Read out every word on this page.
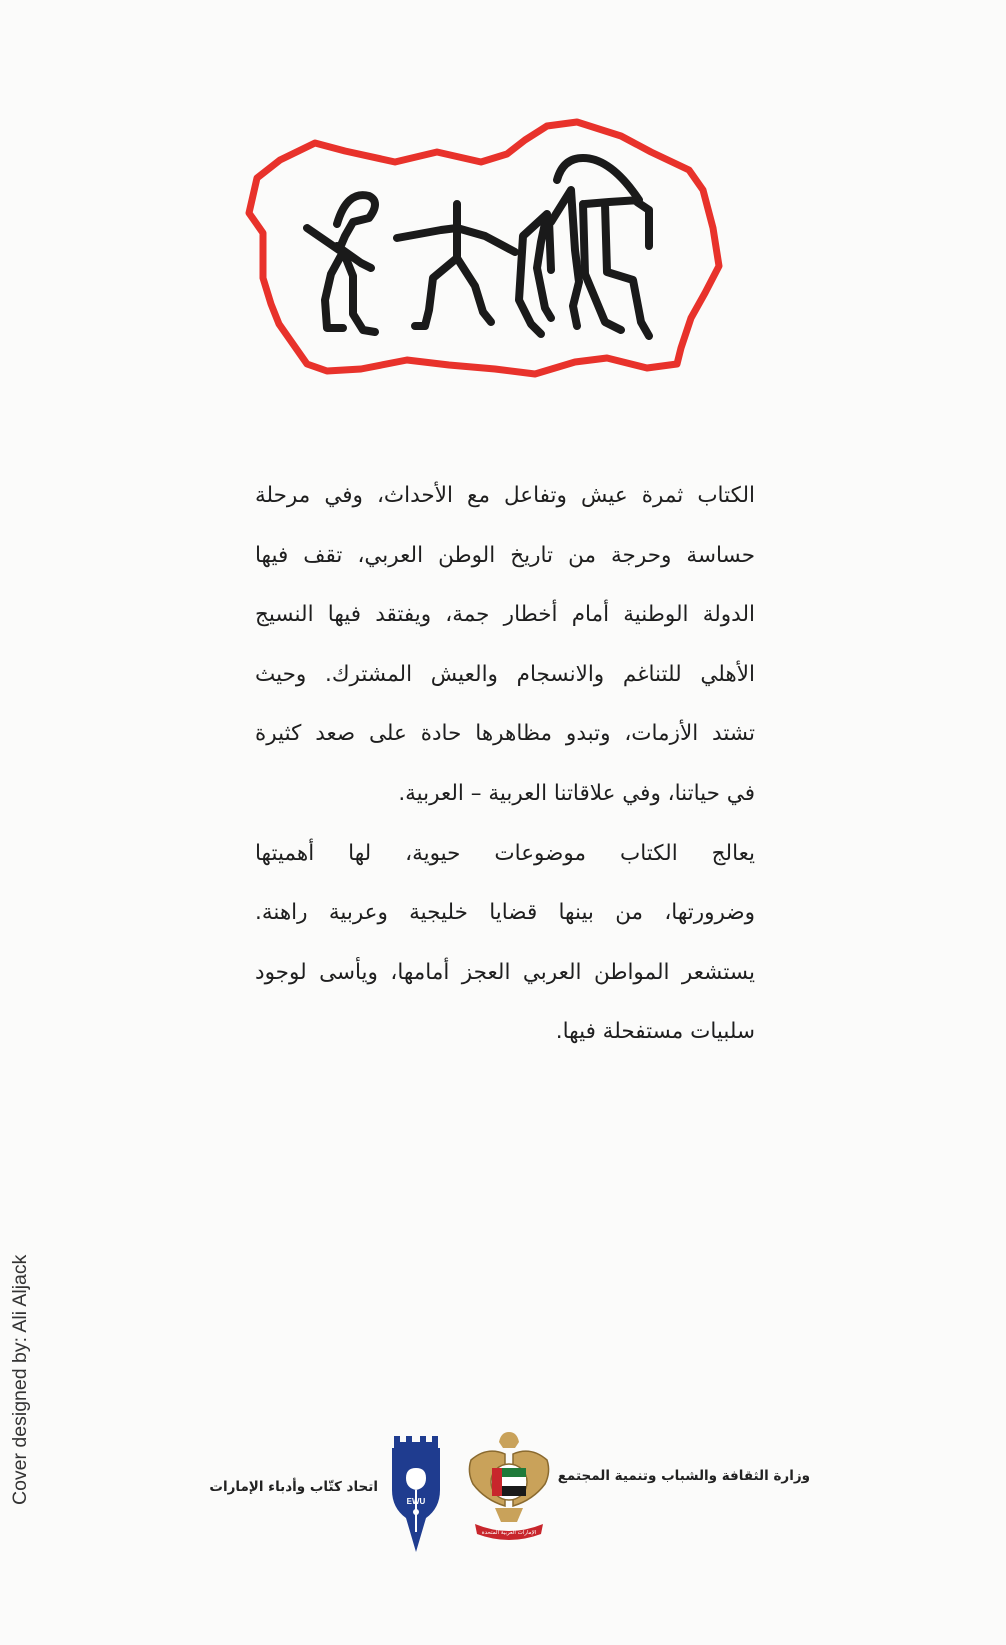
الكتاب ثمرة عيش وتفاعل مع الأحداث، وفي مرحلة
حساسة وحرجة من تاريخ الوطن العربي، تقف فيها
الدولة الوطنية أمام أخطار جمة، ويفتقد فيها النسيج
الأهلي للتناغم والانسجام والعيش المشترك. وحيث
تشتد الأزمات، وتبدو مظاهرها حادة على صعد كثيرة
في حياتنا، وفي علاقاتنا العربية – العربية.
يعالج الكتاب موضوعات حيوية، لها أهميتها
وضرورتها، من بينها قضايا خليجية وعربية راهنة.
يستشعر المواطن العربي العجز أمامها، ويأسى لوجود
سلبيات مستفحلة فيها.
Cover designed by: Ali Aljack	وزارة الثقافة والشباب وتنمية المجتمع
الإمارات العربية المتحدة
EWU
اتحاد كتّاب وأدباء الإمارات
